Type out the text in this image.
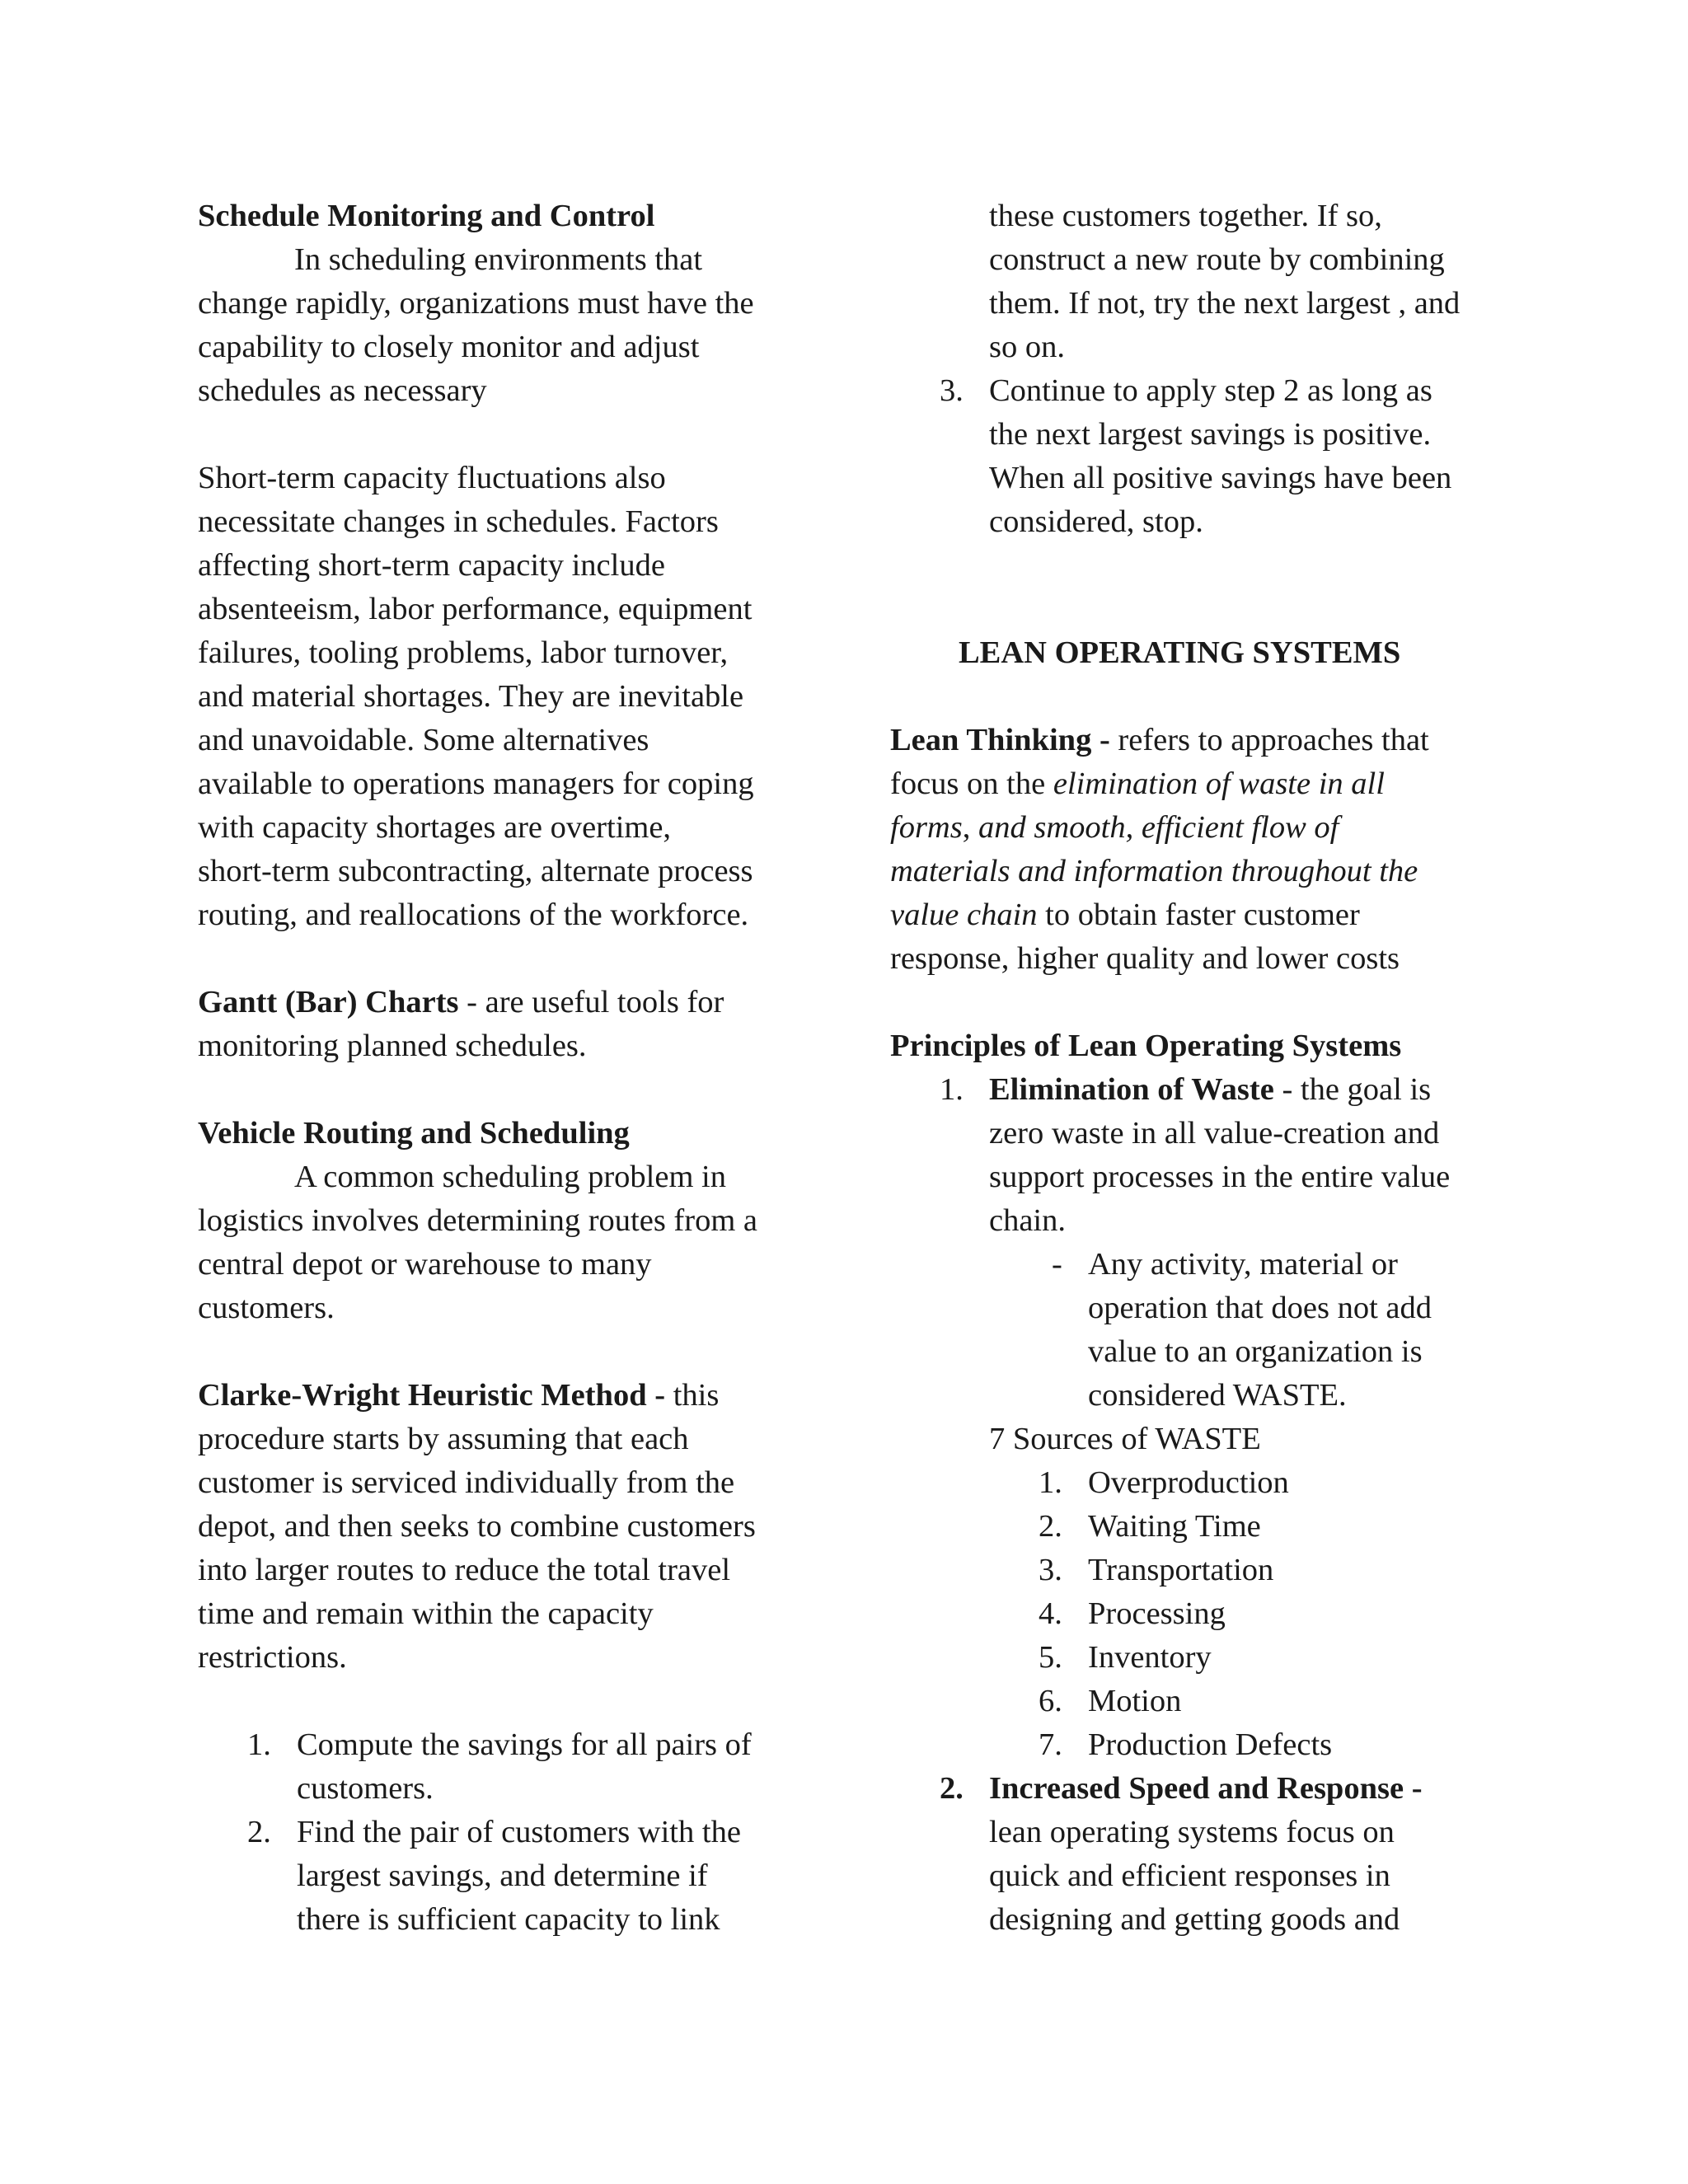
Schedule Monitoring and Control
In scheduling environments that
change rapidly, organizations must have the
capability to closely monitor and adjust
schedules as necessary
Short-term capacity fluctuations also
necessitate changes in schedules. Factors
affecting short-term capacity include
absenteeism, labor performance, equipment
failures, tooling problems, labor turnover,
and material shortages. They are inevitable
and unavoidable. Some alternatives
available to operations managers for coping
with capacity shortages are overtime,
short-term subcontracting, alternate process
routing, and reallocations of the workforce.
Gantt (Bar) Charts - are useful tools for
monitoring planned schedules.
Vehicle Routing and Scheduling
A common scheduling problem in
logistics involves determining routes from a
central depot or warehouse to many
customers.
Clarke-Wright Heuristic Method - this
procedure starts by assuming that each
customer is serviced individually from the
depot, and then seeks to combine customers
into larger routes to reduce the total travel
time and remain within the capacity
restrictions.
1. Compute the savings for all pairs of
customers.
2. Find the pair of customers with the
largest savings, and determine if
there is sufficient capacity to link
these customers together. If so,
construct a new route by combining
them. If not, try the next largest , and
so on.
3. Continue to apply step 2 as long as
the next largest savings is positive.
When all positive savings have been
considered, stop.
LEAN OPERATING SYSTEMS
Lean Thinking - refers to approaches that
focus on the elimination of waste in all
forms, and smooth, efficient flow of
materials and information throughout the
value chain to obtain faster customer
response, higher quality and lower costs
Principles of Lean Operating Systems
1. Elimination of Waste - the goal is
zero waste in all value-creation and
support processes in the entire value
chain.
- Any activity, material or
operation that does not add
value to an organization is
considered WASTE.
7 Sources of WASTE
1. Overproduction
2. Waiting Time
3. Transportation
4. Processing
5. Inventory
6. Motion
7. Production Defects
2. Increased Speed and Response -
lean operating systems focus on
quick and efficient responses in
designing and getting goods and
